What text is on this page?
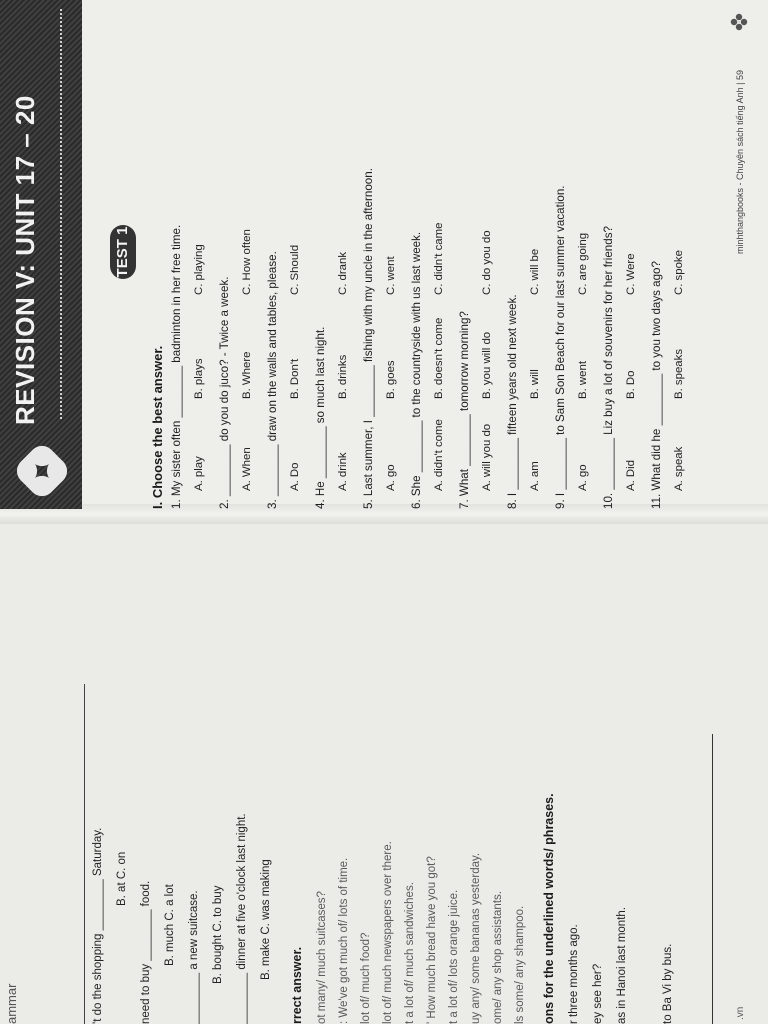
ammar	't do the shopping ________ Saturday. B. at C. on
need to buy ________ food. B. much C. a lot ________ a new suitcase. B. bought C. to buy ________ dinner at five o'clock last night. B. make C. was making
rrect answer. ot many/ much suitcases? : We've got much of/ lots of time. lot of/ much food? lot of/ much newspapers over there. t a lot of/ much sandwiches. ' How much bread have you got? t a lot of/ lots orange juice. uy any/ some bananas yesterday. ome/ any shop assistants. ls some/ any shampoo. ons for the underlined words/ phrases. r three months ago. ey see her? as in Hanoi last month.	to Ba Vi by bus.	.vn
REVISION V: UNIT 17 – 20	TEST 1
I. Choose the best answer. 1. My sister often ________ badminton in her free time. A. play
B. plays
C. playing
2. ________ do you do juco? - Twice a week. A. When
B. Where
C. How often 3. ________ draw on the walls and tables, please. A. Do
B. Don't
C. Should
4. He ________ so much last night. A. drink
B. drinks
C. drank 5. Last summer, I ________ fishing with my uncle in the afternoon. A. go
B. goes
C. went 6. She ________ to the countryside with us last week. A. didn't come
B. doesn't come
C. didn't came
7. What ________ tomorrow morning? A. will you do
B. you will do
C. do you do
8. I ________ fifteen years old next week. A. am
B. will
C. will be 9. I ________ to Sam Son Beach for our last summer vacation. A. go
B. went
C. are going 10. ________ Liz buy a lot of souvenirs for her friends? A. Did
B. Do
C. Were 11. What did he ________ to you two days ago? A. speak
B. speaks
C. spoke
minhthangbooks - Chuyên sách tiếng Anh | 59
